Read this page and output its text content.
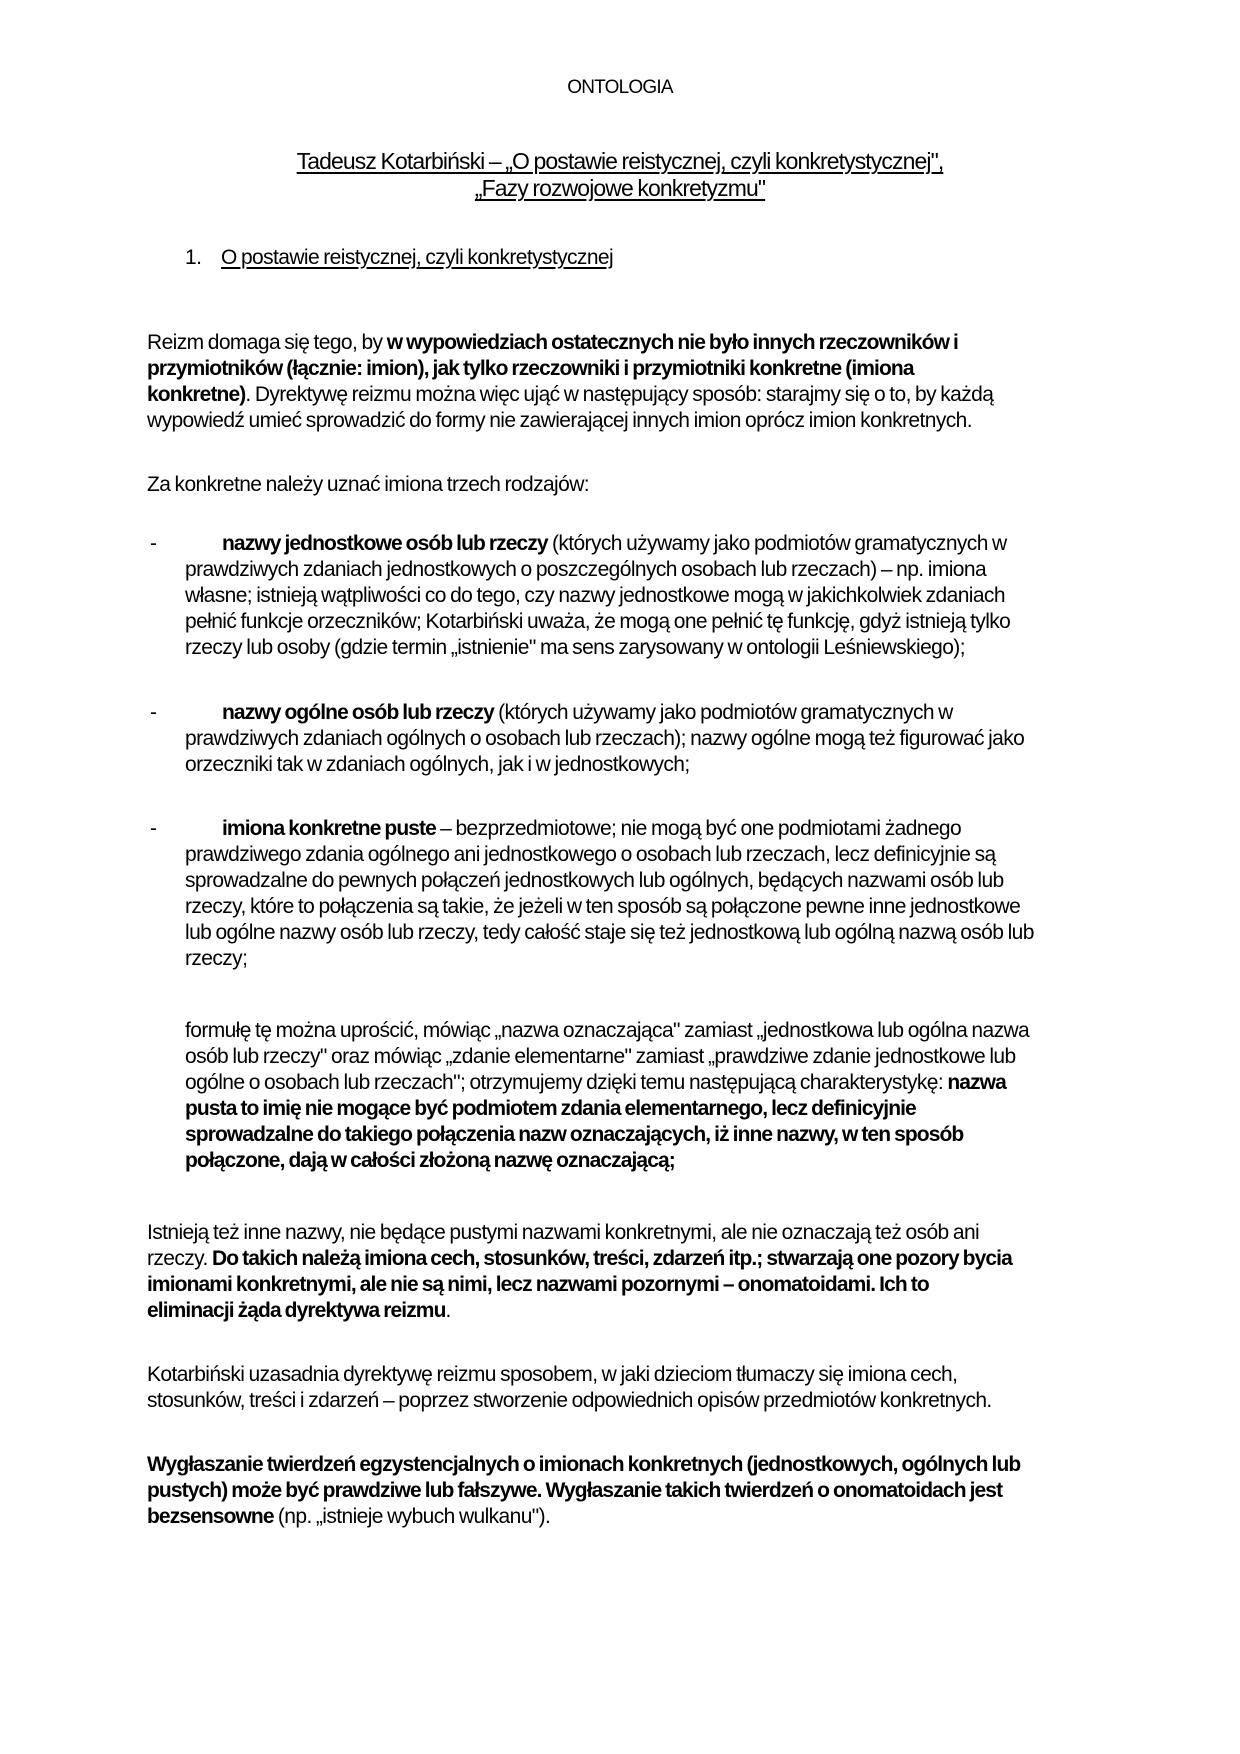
ONTOLOGIA
Tadeusz Kotarbiński – „O postawie reistycznej, czyli konkretystycznej",
„Fazy rozwojowe konkretyzmu"
1. O postawie reistycznej, czyli konkretystycznej
Reizm domaga się tego, by w wypowiedziach ostatecznych nie było innych rzeczowników i
przymiotników (łącznie: imion), jak tylko rzeczowniki i przymiotniki konkretne (imiona
konkretne). Dyrektywę reizmu można więc ująć w następujący sposób: starajmy się o to, by każdą
wypowiedź umieć sprowadzić do formy nie zawierającej innych imion oprócz imion konkretnych.
Za konkretne należy uznać imiona trzech rodzajów:
-	nazwy jednostkowe osób lub rzeczy (których używamy jako podmiotów gramatycznych w
prawdziwych zdaniach jednostkowych o poszczególnych osobach lub rzeczach) – np. imiona
własne; istnieją wątpliwości co do tego, czy nazwy jednostkowe mogą w jakichkolwiek zdaniach
pełnić funkcje orzeczników; Kotarbiński uważa, że mogą one pełnić tę funkcję, gdyż istnieją tylko
rzeczy lub osoby (gdzie termin „istnienie" ma sens zarysowany w ontologii Leśniewskiego);
-	nazwy ogólne osób lub rzeczy (których używamy jako podmiotów gramatycznych w
prawdziwych zdaniach ogólnych o osobach lub rzeczach); nazwy ogólne mogą też figurować jako
orzeczniki tak w zdaniach ogólnych, jak i w jednostkowych;
-	imiona konkretne puste – bezprzedmiotowe; nie mogą być one podmiotami żadnego
prawdziwego zdania ogólnego ani jednostkowego o osobach lub rzeczach, lecz definicyjnie są
sprowadzalne do pewnych połączeń jednostkowych lub ogólnych, będących nazwami osób lub
rzeczy, które to połączenia są takie, że jeżeli w ten sposób są połączone pewne inne jednostkowe
lub ogólne nazwy osób lub rzeczy, tedy całość staje się też jednostkową lub ogólną nazwą osób lub
rzeczy;
formułę tę można uprościć, mówiąc „nazwa oznaczająca" zamiast „jednostkowa lub ogólna nazwa
osób lub rzeczy" oraz mówiąc „zdanie elementarne" zamiast „prawdziwe zdanie jednostkowe lub
ogólne o osobach lub rzeczach"; otrzymujemy dzięki temu następującą charakterystykę: nazwa
pusta to imię nie mogące być podmiotem zdania elementarnego, lecz definicyjnie
sprowadzalne do takiego połączenia nazw oznaczających, iż inne nazwy, w ten sposób
połączone, dają w całości złożoną nazwę oznaczającą;
Istnieją też inne nazwy, nie będące pustymi nazwami konkretnymi, ale nie oznaczają też osób ani
rzeczy. Do takich należą imiona cech, stosunków, treści, zdarzeń itp.; stwarzają one pozory bycia
imionami konkretnymi, ale nie są nimi, lecz nazwami pozornymi – onomatoidami. Ich to
eliminacji żąda dyrektywa reizmu.
Kotarbiński uzasadnia dyrektywę reizmu sposobem, w jaki dzieciom tłumaczy się imiona cech,
stosunków, treści i zdarzeń – poprzez stworzenie odpowiednich opisów przedmiotów konkretnych.
Wygłaszanie twierdzeń egzystencjalnych o imionach konkretnych (jednostkowych, ogólnych lub
pustych) może być prawdziwe lub fałszywe. Wygłaszanie takich twierdzeń o onomatoidach jest
bezsensowne (np. „istnieje wybuch wulkanu").
